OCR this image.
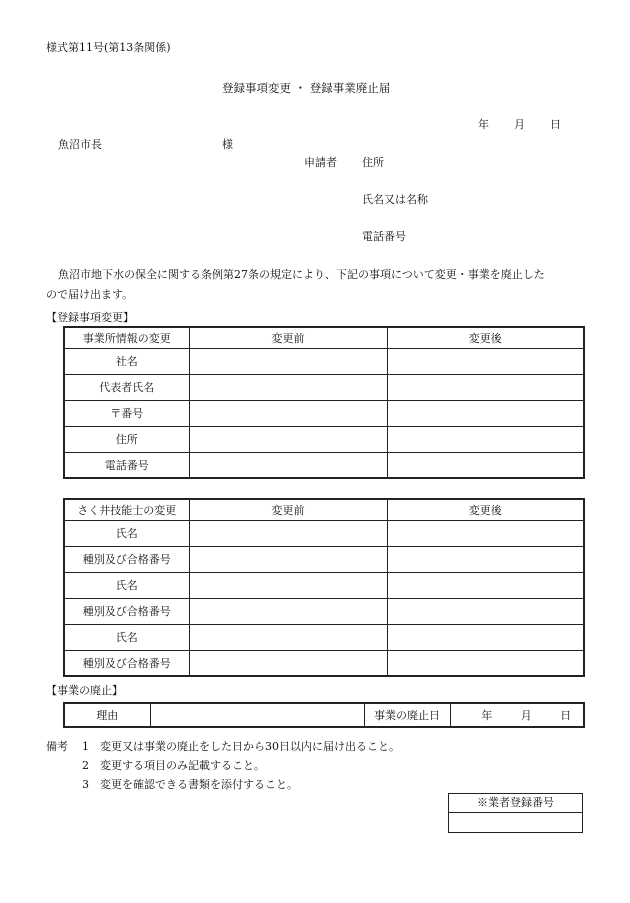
様式第11号(第13条関係)
登録事項変更 ・ 登録事業廃止届
年 月 日
魚沼市長	様
申請者 住所
氏名又は名称
電話番号
魚沼市地下水の保全に関する条例第27条の規定により、下記の事項について変更・事業を廃止した
ので届け出ます。
【登録事項変更】
事業所情報の変更	変更前	変更後
社名		
代表者氏名		
〒番号		
住所		
電話番号		
さく井技能士の変更	変更前	変更後
氏名		
種別及び合格番号		
氏名		
種別及び合格番号		
氏名		
種別及び合格番号		
【事業の廃止】
理由		事業の廃止日	年	月	日
備考 1 変更又は事業の廃止をした日から30日以内に届け出ること。
2 変更する項目のみ記載すること。
3 変更を確認できる書類を添付すること。
※業者登録番号
